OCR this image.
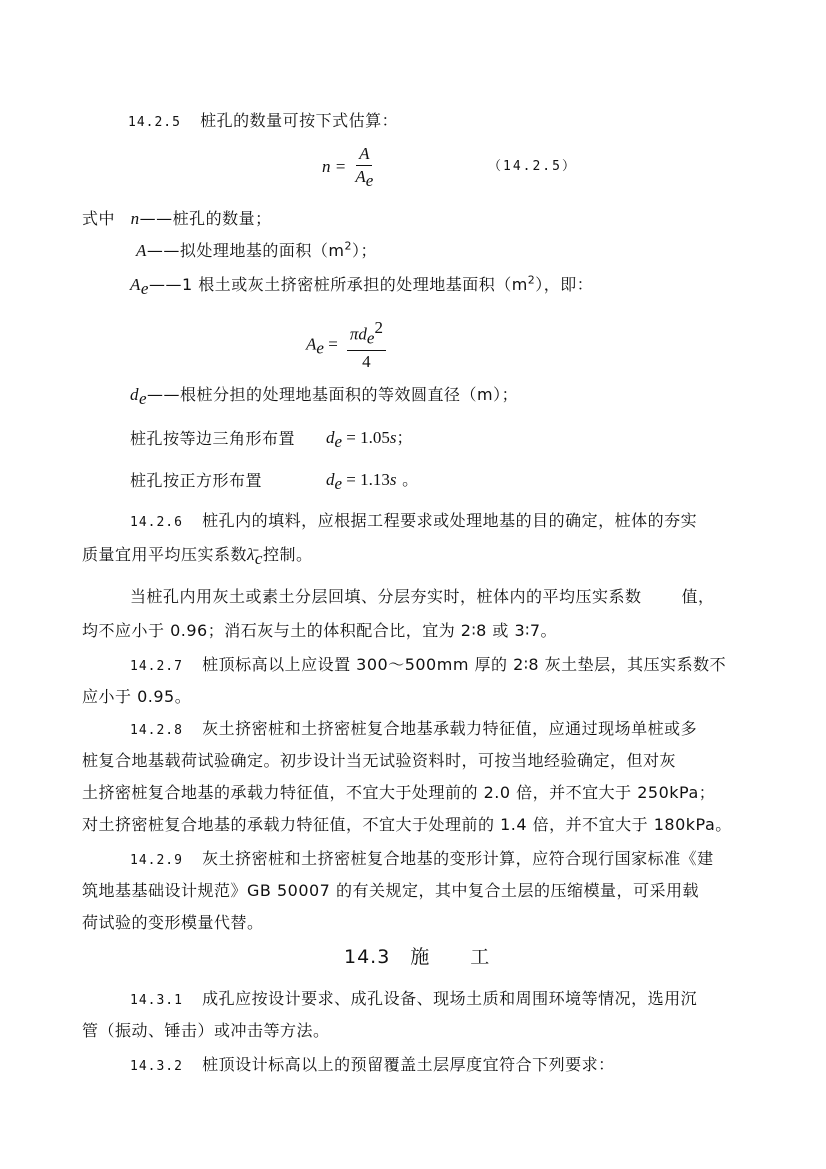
14.2.5 桩孔的数量可按下式估算：
$n = \frac{A}{A_e}$	（14.2.5）
式中 n——桩孔的数量；
A——拟处理地基的面积$(m^2)$；
$A_e——1$ 根土或灰土挤密桩所承担的处理地基面积$(m^2)$，即：
$A_e = \frac{\pi d_e^2}{4}$
$d_e——$根桩分担的处理地基面积的等效圆直径（m）；
桩孔按等边三角形布置 $d_e = 1.05s$；
桩孔按正方形布置	$d_e = 1.13s$ 。
14.2.6 桩孔内的填料，应根据工程要求或处理地基的目的确定，桩体的夯实
质量宜用平均压实系数$\lambdā_c$控制。
当桩孔内用灰土或素土分层回填、分层夯实时，桩体内的平均压实系数	值，
均不应小于 0.96；消石灰与土的体积配合比，宜为 2∶8 或 3∶7。
14.2.7 桩顶标高以上应设置 300～500mm 厚的 2∶8 灰土垫层，其压实系数不
应小于 0.95。
14.2.8 灰土挤密桩和土挤密桩复合地基承载力特征值，应通过现场单桩或多
桩复合地基载荷试验确定。初步设计当无试验资料时，可按当地经验确定，但对灰
土挤密桩复合地基的承载力特征值，不宜大于处理前的 2.0 倍，并不宜大于 250kPa；
对土挤密桩复合地基的承载力特征值，不宜大于处理前的 1.4 倍，并不宜大于 180kPa。
14.2.9 灰土挤密桩和土挤密桩复合地基的变形计算，应符合现行国家标准《建
筑地基基础设计规范》GB 50007 的有关规定，其中复合土层的压缩模量，可采用载
荷试验的变形模量代替。
14.3　施　　工
14.3.1 成孔应按设计要求、成孔设备、现场土质和周围环境等情况，选用沉
管（振动、锤击）或冲击等方法。
14.3.2 桩顶设计标高以上的预留覆盖土层厚度宜符合下列要求：
